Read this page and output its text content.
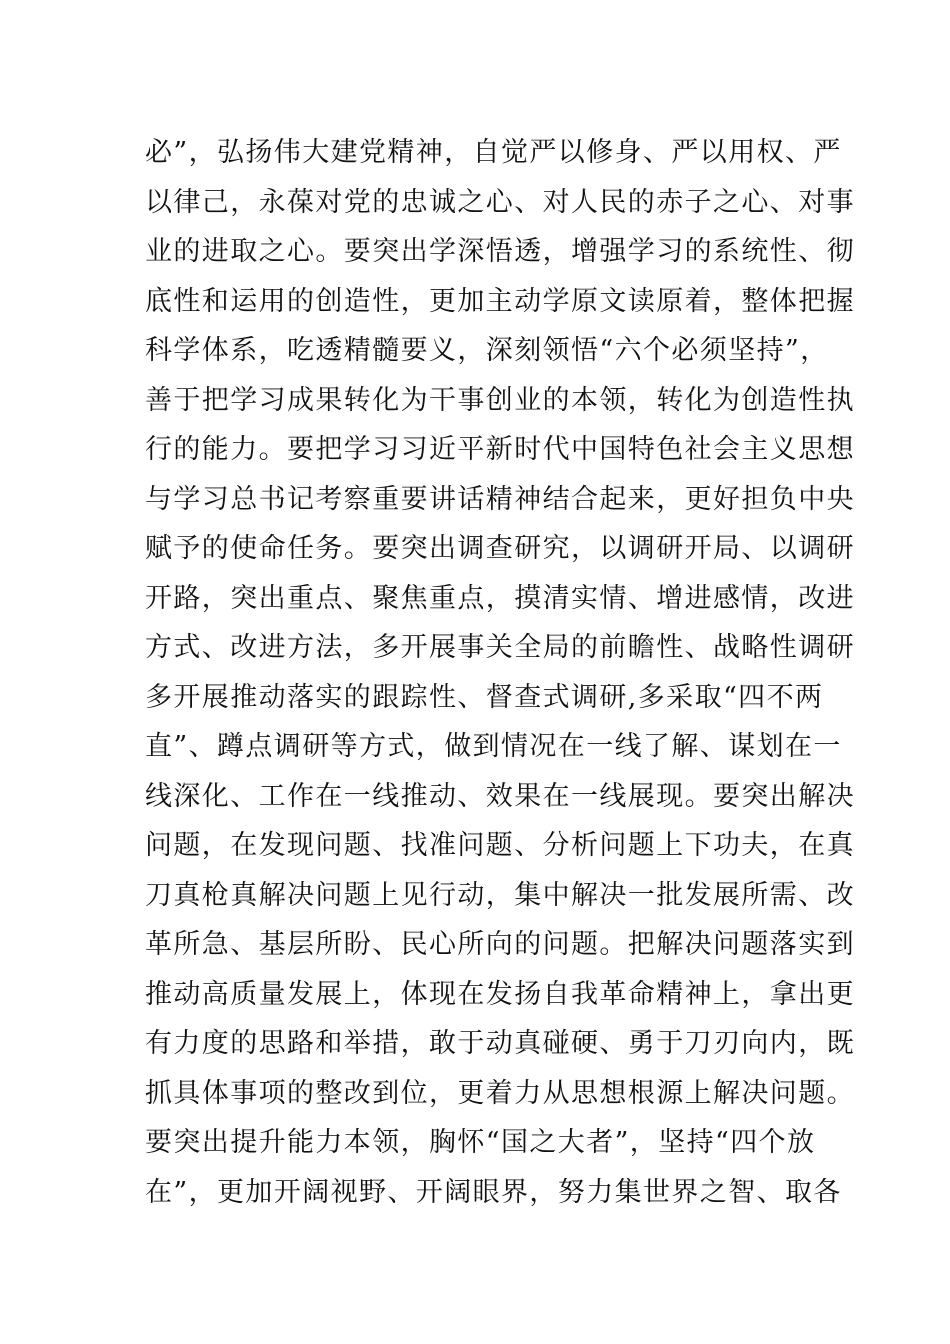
必”，弘扬伟大建党精神，自觉严以修身、严以用权、严
以律己，永葆对党的忠诚之心、对人民的赤子之心、对事
业的进取之心。要突出学深悟透，增强学习的系统性、彻
底性和运用的创造性，更加主动学原文读原着，整体把握
科学体系，吃透精髓要义，深刻领悟“六个必须坚持”，
善于把学习成果转化为干事创业的本领，转化为创造性执
行的能力。要把学习习近平新时代中国特色社会主义思想
与学习总书记考察重要讲话精神结合起来，更好担负中央
赋予的使命任务。要突出调查研究，以调研开局、以调研
开路，突出重点、聚焦重点，摸清实情、增进感情，改进
方式、改进方法，多开展事关全局的前瞻性、战略性调研
多开展推动落实的跟踪性、督查式调研,多采取“四不两
直”、蹲点调研等方式，做到情况在一线了解、谋划在一
线深化、工作在一线推动、效果在一线展现。要突出解决
问题，在发现问题、找准问题、分析问题上下功夫，在真
刀真枪真解决问题上见行动，集中解决一批发展所需、改
革所急、基层所盼、民心所向的问题。把解决问题落实到
推动高质量发展上，体现在发扬自我革命精神上，拿出更
有力度的思路和举措，敢于动真碰硬、勇于刀刃向内，既
抓具体事项的整改到位，更着力从思想根源上解决问题。
要突出提升能力本领，胸怀“国之大者”，坚持“四个放
在”，更加开阔视野、开阔眼界，努力集世界之智、取各
